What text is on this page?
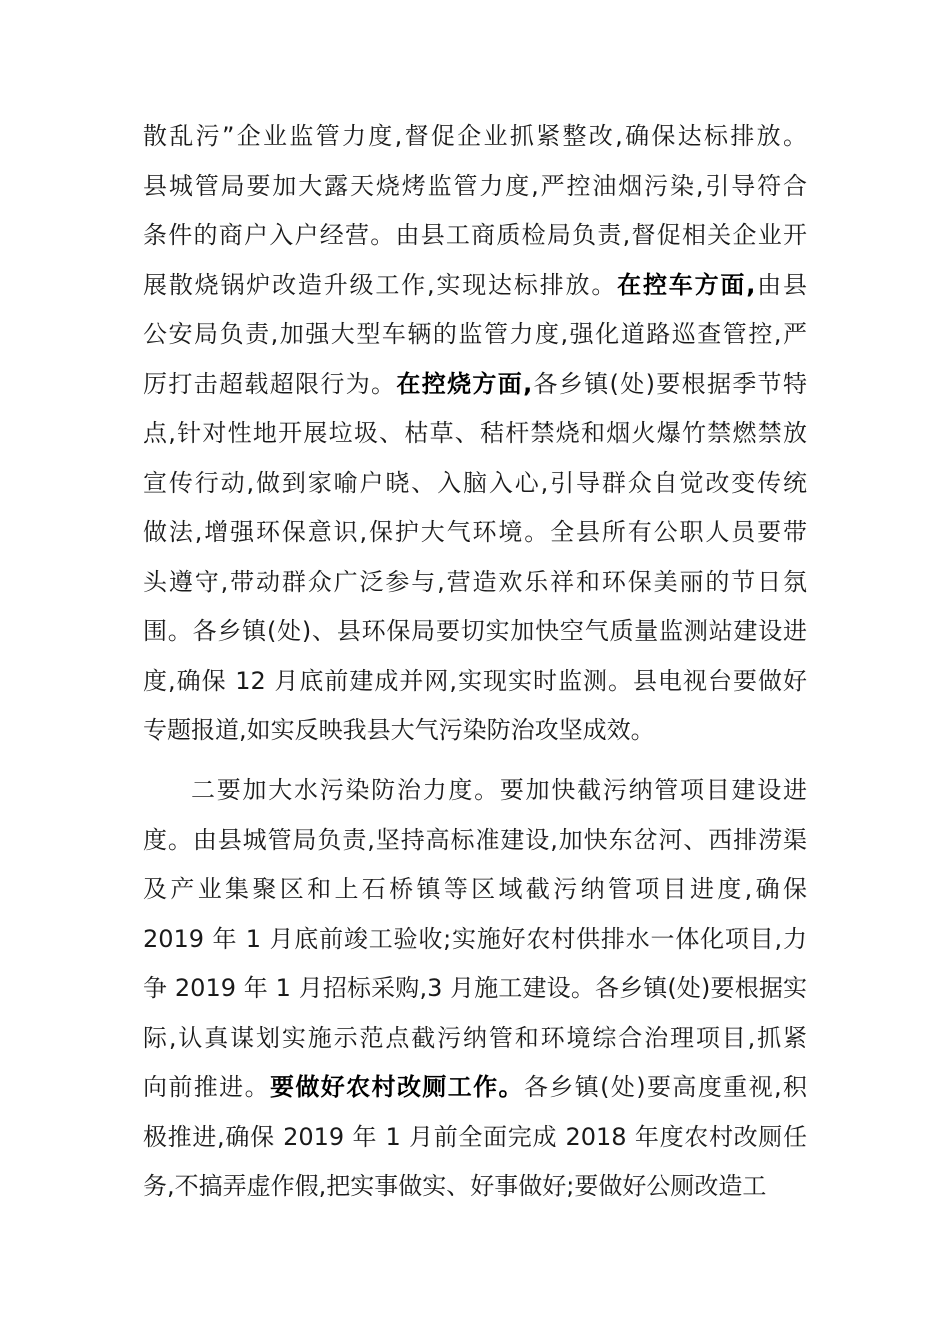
散乱污”企业监管力度,督促企业抓紧整改,确保达标排放。
县城管局要加大露天烧烤监管力度,严控油烟污染,引导符合
条件的商户入户经营。由县工商质检局负责,督促相关企业开
展散烧锅炉改造升级工作,实现达标排放。在控车方面,由县
公安局负责,加强大型车辆的监管力度,强化道路巡查管控,严
厉打击超载超限行为。在控烧方面,各乡镇(处)要根据季节特
点,针对性地开展垃圾、枯草、秸杆禁烧和烟火爆竹禁燃禁放
宣传行动,做到家喻户晓、入脑入心,引导群众自觉改变传统
做法,增强环保意识,保护大气环境。全县所有公职人员要带
头遵守,带动群众广泛参与,营造欢乐祥和环保美丽的节日氛
围。各乡镇(处)、县环保局要切实加快空气质量监测站建设进
度,确保 12 月底前建成并网,实现实时监测。县电视台要做好
专题报道,如实反映我县大气污染防治攻坚成效。
二要加大水污染防治力度。要加快截污纳管项目建设进
度。由县城管局负责,坚持高标准建设,加快东岔河、西排涝渠
及产业集聚区和上石桥镇等区域截污纳管项目进度,确保
2019 年 1 月底前竣工验收;实施好农村供排水一体化项目,力
争 2019 年 1 月招标采购,3 月施工建设。各乡镇(处)要根据实
际,认真谋划实施示范点截污纳管和环境综合治理项目,抓紧
向前推进。要做好农村改厕工作。各乡镇(处)要高度重视,积
极推进,确保 2019 年 1 月前全面完成 2018 年度农村改厕任
务,不搞弄虚作假,把实事做实、好事做好;要做好公厕改造工
